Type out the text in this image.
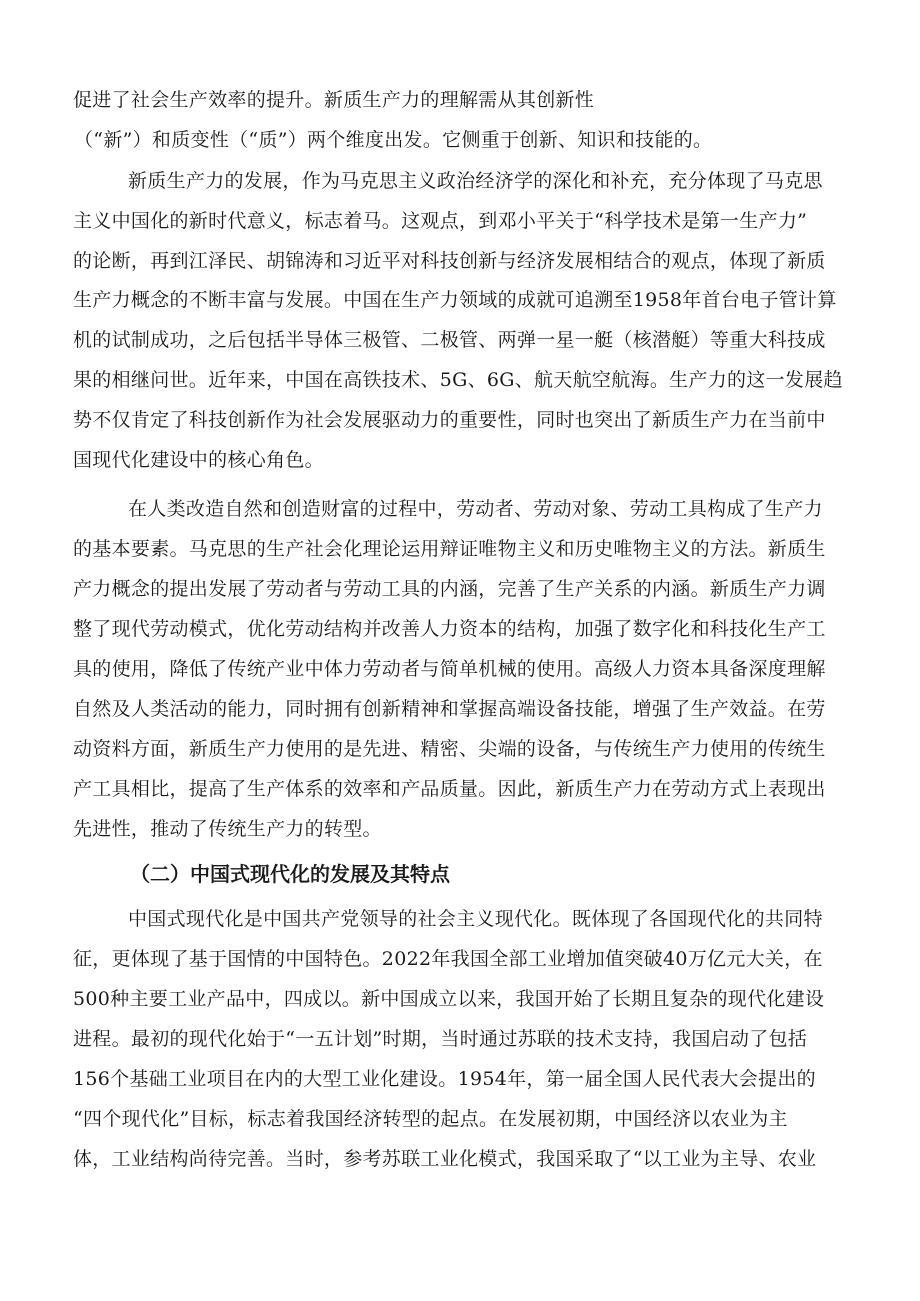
促进了社会生产效率的提升。新质生产力的理解需从其创新性
（“新”）和质变性（“质”）两个维度出发。它侧重于创新、知识和技能的。
新质生产力的发展，作为马克思主义政治经济学的深化和补充，充分体现了马克思
主义中国化的新时代意义，标志着马。这观点，到邓小平关于“科学技术是第一生产力”
的论断，再到江泽民、胡锦涛和习近平对科技创新与经济发展相结合的观点，体现了新质
生产力概念的不断丰富与发展。中国在生产力领域的成就可追溯至1958年首台电子管计算
机的试制成功，之后包括半导体三极管、二极管、两弹一星一艇（核潜艇）等重大科技成
果的相继问世。近年来，中国在高铁技术、5G、6G、航天航空航海。生产力的这一发展趋
势不仅肯定了科技创新作为社会发展驱动力的重要性，同时也突出了新质生产力在当前中
国现代化建设中的核心角色。
在人类改造自然和创造财富的过程中，劳动者、劳动对象、劳动工具构成了生产力
的基本要素。马克思的生产社会化理论运用辩证唯物主义和历史唯物主义的方法。新质生
产力概念的提出发展了劳动者与劳动工具的内涵，完善了生产关系的内涵。新质生产力调
整了现代劳动模式，优化劳动结构并改善人力资本的结构，加强了数字化和科技化生产工
具的使用，降低了传统产业中体力劳动者与简单机械的使用。高级人力资本具备深度理解
自然及人类活动的能力，同时拥有创新精神和掌握高端设备技能，增强了生产效益。在劳
动资料方面，新质生产力使用的是先进、精密、尖端的设备，与传统生产力使用的传统生
产工具相比，提高了生产体系的效率和产品质量。因此，新质生产力在劳动方式上表现出
先进性，推动了传统生产力的转型。
（二）中国式现代化的发展及其特点
中国式现代化是中国共产党领导的社会主义现代化。既体现了各国现代化的共同特
征，更体现了基于国情的中国特色。2022年我国全部工业增加值突破40万亿元大关，在
500种主要工业产品中，四成以。新中国成立以来，我国开始了长期且复杂的现代化建设
进程。最初的现代化始于“一五计划”时期，当时通过苏联的技术支持，我国启动了包括
156个基础工业项目在内的大型工业化建设。1954年，第一届全国人民代表大会提出的
“四个现代化”目标，标志着我国经济转型的起点。在发展初期，中国经济以农业为主
体，工业结构尚待完善。当时，参考苏联工业化模式，我国采取了“以工业为主导、农业
